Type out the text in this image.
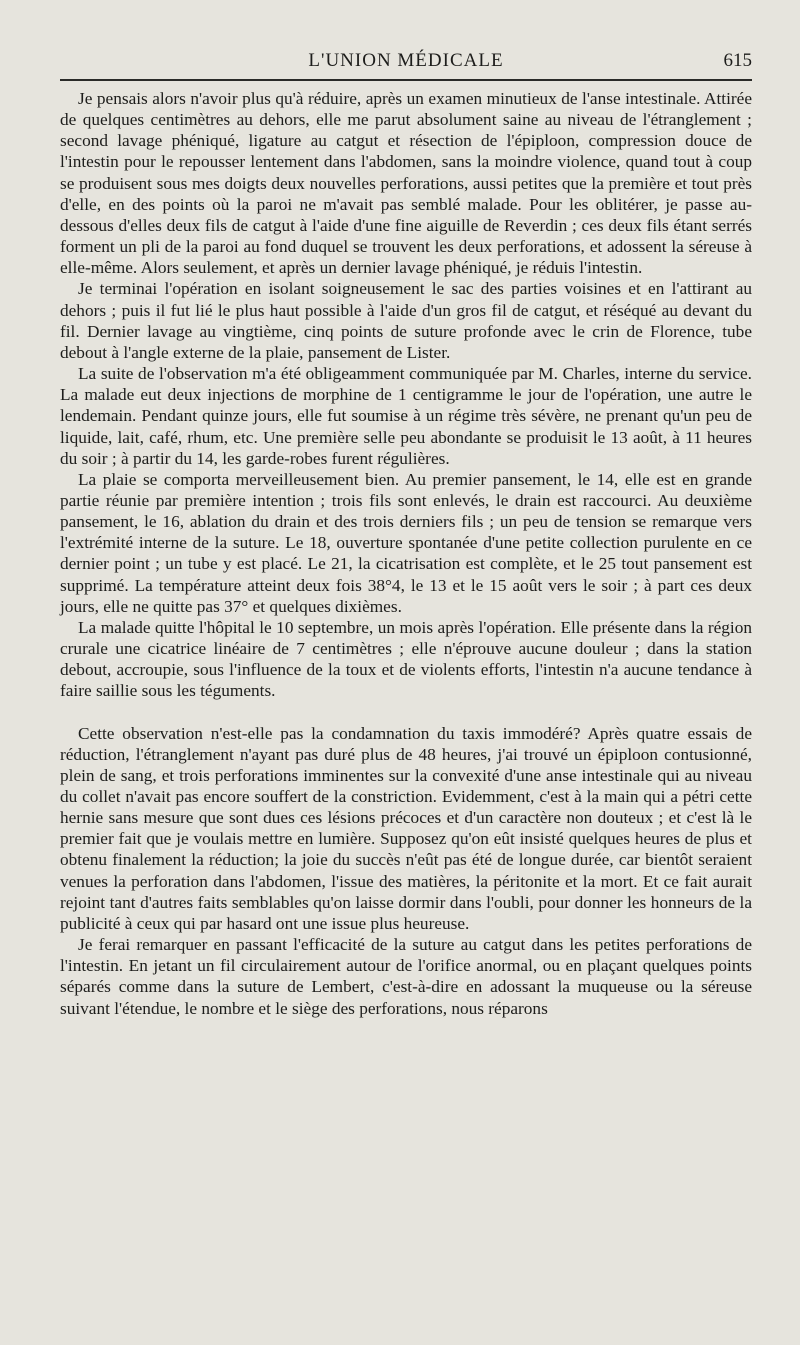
L'UNION MÉDICALE	615

Je pensais alors n'avoir plus qu'à réduire, après un examen minutieux de l'anse intestinale. Attirée de quelques centimètres au dehors, elle me parut absolument saine au niveau de l'étranglement ; second lavage phéniqué, ligature au catgut et résection de l'épiploon, compression douce de l'intestin pour le repousser lentement dans l'abdomen, sans la moindre violence, quand tout à coup se produisent sous mes doigts deux nouvelles perforations, aussi petites que la première et tout près d'elle, en des points où la paroi ne m'avait pas semblé malade. Pour les oblitérer, je passe au-dessous d'elles deux fils de catgut à l'aide d'une fine aiguille de Reverdin ; ces deux fils étant serrés forment un pli de la paroi au fond duquel se trouvent les deux perforations, et adossent la séreuse à elle-même. Alors seulement, et après un dernier lavage phéniqué, je réduis l'intestin.

Je terminai l'opération en isolant soigneusement le sac des parties voisines et en l'attirant au dehors ; puis il fut lié le plus haut possible à l'aide d'un gros fil de catgut, et réséqué au devant du fil. Dernier lavage au vingtième, cinq points de suture profonde avec le crin de Florence, tube debout à l'angle externe de la plaie, pansement de Lister.

La suite de l'observation m'a été obligeamment communiquée par M. Charles, interne du service. La malade eut deux injections de morphine de 1 centigramme le jour de l'opération, une autre le lendemain. Pendant quinze jours, elle fut soumise à un régime très sévère, ne prenant qu'un peu de liquide, lait, café, rhum, etc. Une première selle peu abondante se produisit le 13 août, à 11 heures du soir ; à partir du 14, les garde-robes furent régulières.

La plaie se comporta merveilleusement bien. Au premier pansement, le 14, elle est en grande partie réunie par première intention ; trois fils sont enlevés, le drain est raccourci. Au deuxième pansement, le 16, ablation du drain et des trois derniers fils ; un peu de tension se remarque vers l'extrémité interne de la suture. Le 18, ouverture spontanée d'une petite collection purulente en ce dernier point ; un tube y est placé. Le 21, la cicatrisation est complète, et le 25 tout pansement est supprimé. La température atteint deux fois 38°4, le 13 et le 15 août vers le soir ; à part ces deux jours, elle ne quitte pas 37° et quelques dixièmes.

La malade quitte l'hôpital le 10 septembre, un mois après l'opération. Elle présente dans la région crurale une cicatrice linéaire de 7 centimètres ; elle n'éprouve aucune douleur ; dans la station debout, accroupie, sous l'influence de la toux et de violents efforts, l'intestin n'a aucune tendance à faire saillie sous les téguments.

Cette observation n'est-elle pas la condamnation du taxis immodéré? Après quatre essais de réduction, l'étranglement n'ayant pas duré plus de 48 heures, j'ai trouvé un épiploon contusionné, plein de sang, et trois perforations imminentes sur la convexité d'une anse intestinale qui au niveau du collet n'avait pas encore souffert de la constriction. Evidemment, c'est à la main qui a pétri cette hernie sans mesure que sont dues ces lésions précoces et d'un caractère non douteux ; et c'est là le premier fait que je voulais mettre en lumière. Supposez qu'on eût insisté quelques heures de plus et obtenu finalement la réduction; la joie du succès n'eût pas été de longue durée, car bientôt seraient venues la perforation dans l'abdomen, l'issue des matières, la péritonite et la mort. Et ce fait aurait rejoint tant d'autres faits semblables qu'on laisse dormir dans l'oubli, pour donner les honneurs de la publicité à ceux qui par hasard ont une issue plus heureuse.

Je ferai remarquer en passant l'efficacité de la suture au catgut dans les petites perforations de l'intestin. En jetant un fil circulairement autour de l'orifice anormal, ou en plaçant quelques points séparés comme dans la suture de Lembert, c'est-à-dire en adossant la muqueuse ou la séreuse suivant l'étendue, le nombre et le siège des perforations, nous réparons
